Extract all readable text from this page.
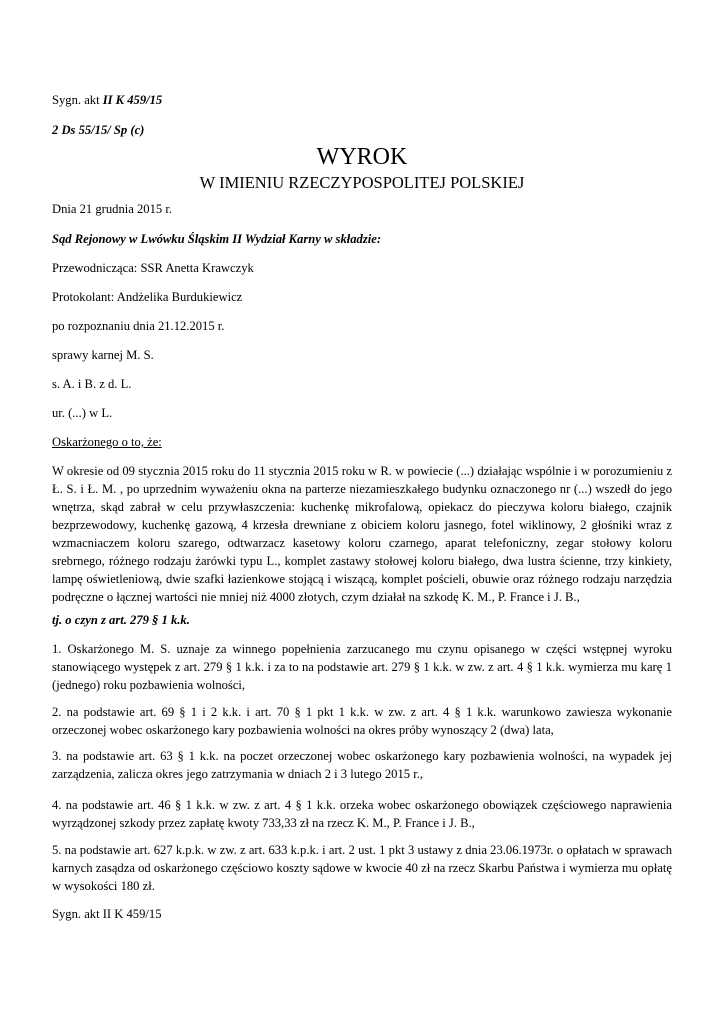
Sygn. akt II K 459/15
2 Ds 55/15/ Sp (c)
WYROK
W IMIENIU RZECZYPOSPOLITEJ POLSKIEJ
Dnia 21 grudnia 2015 r.
Sąd Rejonowy w Lwówku Śląskim II Wydział Karny w składzie:
Przewodnicząca: SSR Anetta Krawczyk
Protokolant: Andżelika Burdukiewicz
po rozpoznaniu dnia 21.12.2015 r.
sprawy karnej M. S.
s. A. i B. z d. L.
ur. (...) w L.
Oskarżonego o to, że:
W okresie od 09 stycznia 2015 roku do 11 stycznia 2015 roku w R. w powiecie (...) działając wspólnie i w porozumieniu z Ł. S. i Ł. M. , po uprzednim wyważeniu okna na parterze niezamieszkałego budynku oznaczonego nr (...) wszedł do jego wnętrza, skąd zabrał w celu przywłaszczenia: kuchenkę mikrofalową, opiekacz do pieczywa koloru białego, czajnik bezprzewodowy, kuchenkę gazową, 4 krzesła drewniane z obiciem koloru jasnego, fotel wiklinowy, 2 głośniki wraz z wzmacniaczem koloru szarego, odtwarzacz kasetowy koloru czarnego, aparat telefoniczny, zegar stołowy koloru srebrnego, różnego rodzaju żarówki typu L., komplet zastawy stołowej koloru białego, dwa lustra ścienne, trzy kinkiety, lampę oświetleniową, dwie szafki łazienkowe stojącą i wiszącą, komplet pościeli, obuwie oraz różnego rodzaju narzędzia podręczne o łącznej wartości nie mniej niż 4000 złotych, czym działał na szkodę K. M., P. France i J. B.,
tj. o czyn z art. 279 § 1 k.k.
1. Oskarżonego M. S. uznaje za winnego popełnienia zarzucanego mu czynu opisanego w części wstępnej wyroku stanowiącego występek z art. 279 § 1 k.k. i za to na podstawie art. 279 § 1 k.k. w zw. z art. 4 § 1 k.k. wymierza mu karę 1 (jednego) roku pozbawienia wolności,
2. na podstawie art. 69 § 1 i 2 k.k. i art. 70 § 1 pkt 1 k.k. w zw. z art. 4 § 1 k.k. warunkowo zawiesza wykonanie orzeczonej wobec oskarżonego kary pozbawienia wolności na okres próby wynoszący 2 (dwa) lata,
3. na podstawie art. 63 § 1 k.k. na poczet orzeczonej wobec oskarżonego kary pozbawienia wolności, na wypadek jej zarządzenia, zalicza okres jego zatrzymania w dniach 2 i 3 lutego 2015 r.,
4. na podstawie art. 46 § 1 k.k. w zw. z art. 4 § 1 k.k. orzeka wobec oskarżonego obowiązek częściowego naprawienia wyrządzonej szkody przez zapłatę kwoty 733,33 zł na rzecz K. M., P. France i J. B.,
5. na podstawie art. 627 k.p.k. w zw. z art. 633 k.p.k. i art. 2 ust. 1 pkt 3 ustawy z dnia 23.06.1973r. o opłatach w sprawach karnych zasądza od oskarżonego częściowo koszty sądowe w kwocie 40 zł na rzecz Skarbu Państwa i wymierza mu opłatę w wysokości 180 zł.
Sygn. akt II K 459/15
